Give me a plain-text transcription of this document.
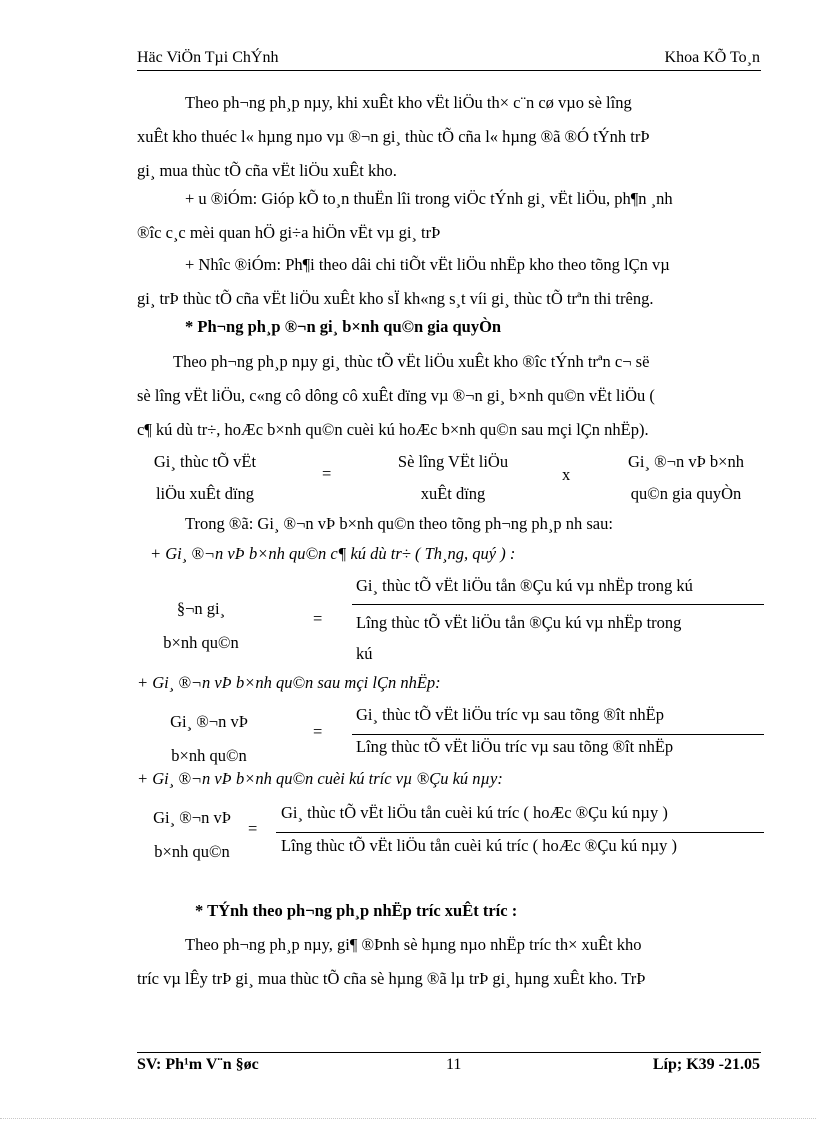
Häc ViÖn Tµi ChÝnh	Khoa KÕ To¸n
Theo ph¬ng ph¸p nµy, khi xuÊt kho vËt liÖu th× c¨n cø vµo sè lîng
xuÊt kho thuéc l« hµng nµo vµ ®¬n gi¸ thùc tÕ cña l« hµng ®ã ®Ó tÝnh trÞ
gi¸ mua thùc tÕ cña vËt liÖu xuÊt kho.
+ u ®iÓm: Gióp kÕ to¸n thuËn lîi trong viÖc tÝnh gi¸ vËt liÖu, ph¶n ¸nh
®îc c¸c mèi quan hÖ gi÷a hiÖn vËt vµ gi¸ trÞ
+ Nhîc ®iÓm: Ph¶i theo dâi chi tiÕt vËt liÖu nhËp kho theo tõng lÇn vµ
gi¸ trÞ thùc tÕ cña vËt liÖu xuÊt kho sÏ kh«ng s¸t víi gi¸ thùc tÕ trªn thi trêng.
* Ph¬ng ph¸p ®¬n gi¸ b×nh qu©n gia quyÒn
Theo ph¬ng ph¸p nµy gi¸ thùc tÕ vËt liÖu xuÊt kho ®îc tÝnh trªn c¬ së
sè lîng vËt liÖu, c«ng cô dông cô xuÊt dïng vµ ®¬n gi¸ b×nh qu©n vËt liÖu (
c¶ kú dù tr÷, hoÆc b×nh qu©n cuèi kú hoÆc b×nh qu©n sau mçi lÇn nhËp).
Gi¸ thùc tÕ vËt
liÖu xuÊt dïng
=
Sè lîng VËt liÖu
xuÊt dïng
x
Gi¸ ®¬n vÞ b×nh
qu©n gia quyÒn
Trong ®ã: Gi¸ ®¬n vÞ b×nh qu©n theo tõng ph¬ng ph¸p nh sau:
+ Gi¸ ®¬n vÞ b×nh qu©n c¶ kú dù tr÷ ( Th¸ng, quý ) :
§¬n gi¸
b×nh qu©n
=
Gi¸ thùc tÕ vËt liÖu tån ®Çu kú vµ nhËp trong kú
Lîng thùc tÕ vËt liÖu tån ®Çu kú vµ nhËp trong
kú
+ Gi¸ ®¬n vÞ b×nh qu©n sau mçi lÇn nhËp:
Gi¸ ®¬n vÞ
b×nh qu©n
=
Gi¸ thùc tÕ vËt liÖu tríc vµ sau tõng ®ît nhËp
Lîng thùc tÕ vËt liÖu tríc vµ sau tõng ®ît nhËp
+ Gi¸ ®¬n vÞ b×nh qu©n cuèi kú tríc vµ ®Çu kú nµy:
Gi¸ ®¬n vÞ
b×nh qu©n
=
Gi¸ thùc tÕ vËt liÖu tån cuèi kú tríc ( hoÆc ®Çu kú nµy )
Lîng thùc tÕ vËt liÖu tån cuèi kú tríc ( hoÆc ®Çu kú nµy )
* TÝnh theo ph¬ng ph¸p nhËp tríc xuÊt tríc :
Theo ph¬ng ph¸p nµy, gi¶ ®Þnh sè hµng nµo nhËp tríc th× xuÊt kho
tríc vµ lÊy trÞ gi¸ mua thùc tÕ cña sè hµng ®ã lµ trÞ gi¸ hµng xuÊt kho. TrÞ
SV: Ph¹m V¨n §øc	11	Líp; K39 -21.05
